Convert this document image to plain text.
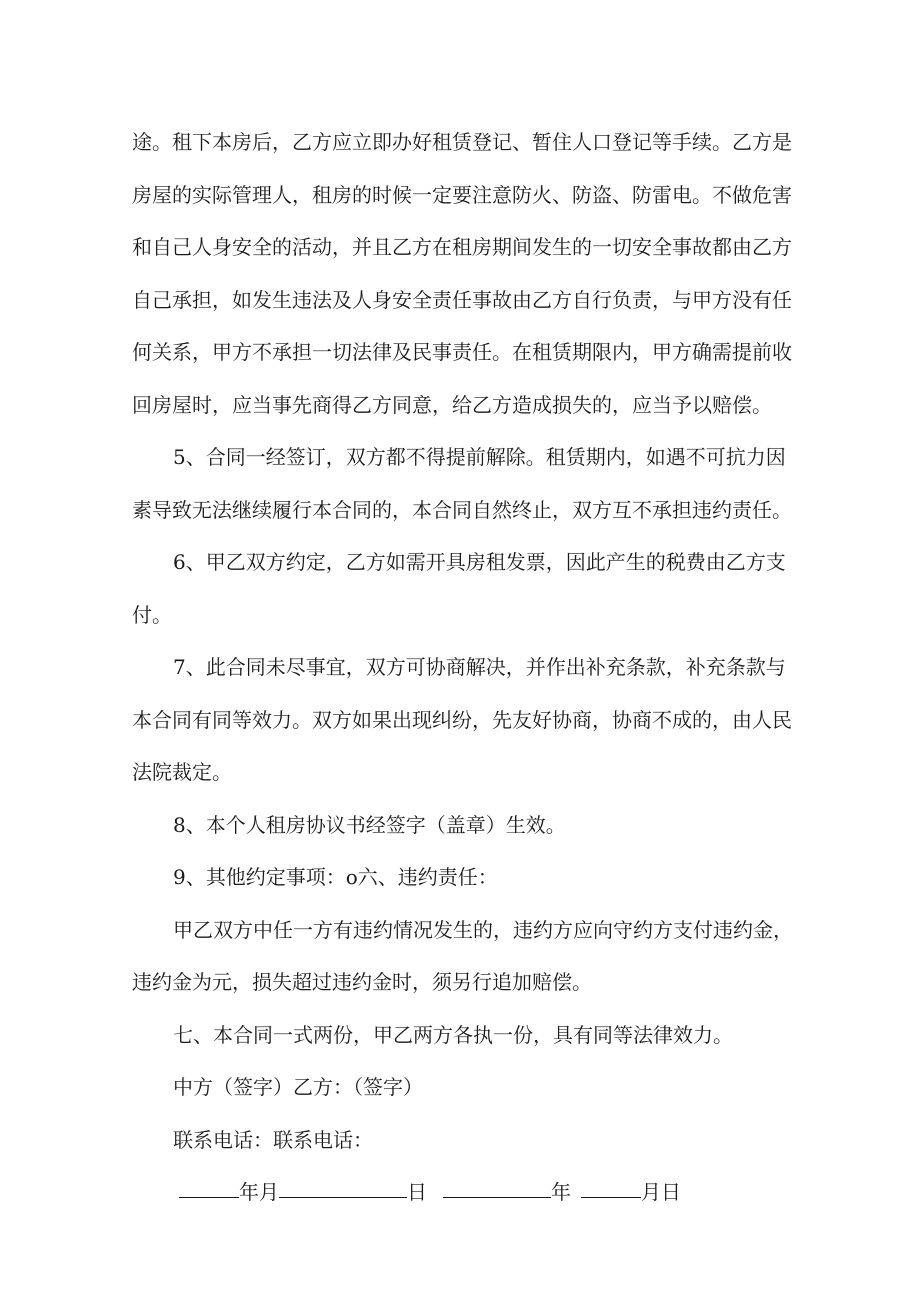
途。租下本房后，乙方应立即办好租赁登记、暂住人口登记等手续。乙方是
房屋的实际管理人，租房的时候一定要注意防火、防盗、防雷电。不做危害
和自己人身安全的活动，并且乙方在租房期间发生的一切安全事故都由乙方
自己承担，如发生违法及人身安全责任事故由乙方自行负责，与甲方没有任
何关系，甲方不承担一切法律及民事责任。在租赁期限内，甲方确需提前收
回房屋时，应当事先商得乙方同意，给乙方造成损失的，应当予以赔偿。

5、合同一经签订，双方都不得提前解除。租赁期内，如遇不可抗力因
素导致无法继续履行本合同的，本合同自然终止，双方互不承担违约责任。

6、甲乙双方约定，乙方如需开具房租发票，因此产生的税费由乙方支
付。

7、此合同未尽事宜，双方可协商解决，并作出补充条款，补充条款与
本合同有同等效力。双方如果出现纠纷，先友好协商，协商不成的，由人民
法院裁定。

8、本个人租房协议书经签字（盖章）生效。

9、其他约定事项：o六、违约责任：

甲乙双方中任一方有违约情况发生的，违约方应向守约方支付违约金，
违约金为元，损失超过违约金时，须另行追加赔偿。

七、本合同一式两份，甲乙两方各执一份，具有同等法律效力。

中方（签字）乙方：（签字）

联系电话：联系电话：

年月	日	年	月日
